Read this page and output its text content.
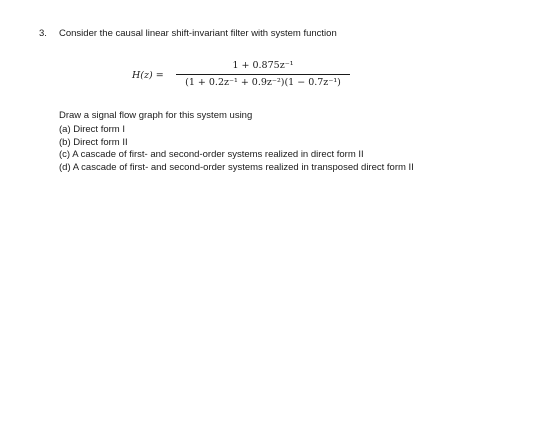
3. Consider the causal linear shift-invariant filter with system function
H(z) =
1 + 0.875z⁻¹
(1 + 0.2z⁻¹ + 0.9z⁻²)(1 − 0.7z⁻¹)
Draw a signal flow graph for this system using
(a) Direct form I
(b) Direct form II
(c) A cascade of first- and second-order systems realized in direct form II
(d) A cascade of first- and second-order systems realized in transposed direct form II
